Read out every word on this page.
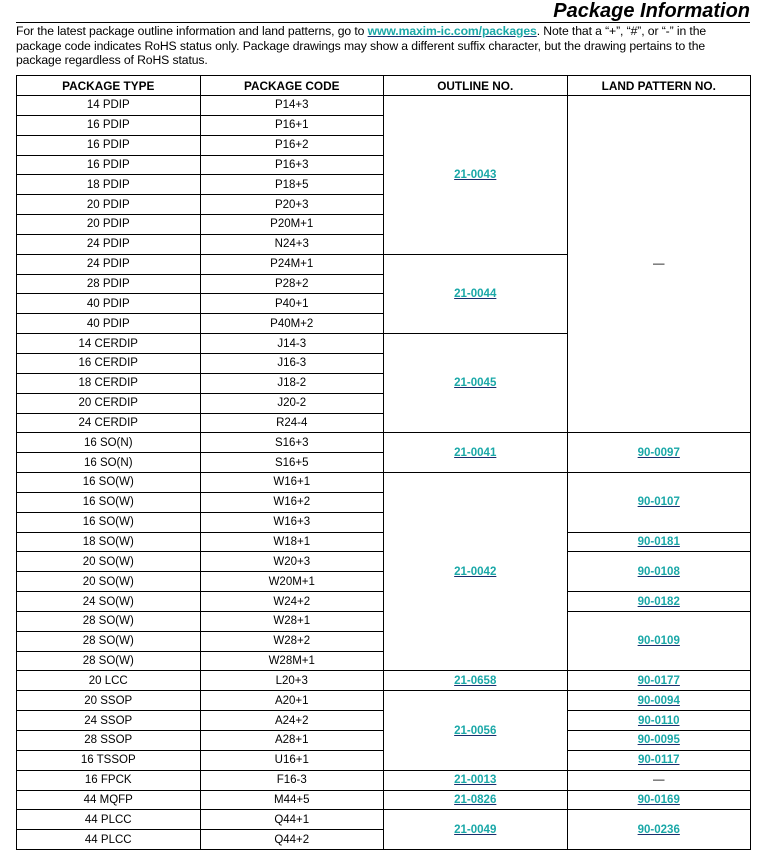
Package Information
For the latest package outline information and land patterns, go to www.maxim-ic.com/packages. Note that a “+”, “#”, or “-” in the package code indicates RoHS status only. Package drawings may show a different suffix character, but the drawing pertains to the package regardless of RoHS status.
PACKAGE TYPE	PACKAGE CODE	OUTLINE NO.	LAND PATTERN NO.
14 PDIP	P14+3	21-0043	—
16 PDIP	P16+1		
16 PDIP	P16+2		
16 PDIP	P16+3		
18 PDIP	P18+5		
20 PDIP	P20+3		
20 PDIP	P20M+1		
24 PDIP	N24+3		
24 PDIP	P24M+1	21-0044	
28 PDIP	P28+2		
40 PDIP	P40+1		
40 PDIP	P40M+2		
14 CERDIP	J14-3	21-0045	
16 CERDIP	J16-3		
18 CERDIP	J18-2		
20 CERDIP	J20-2		
24 CERDIP	R24-4		
16 SO(N)	S16+3	21-0041	90-0097
16 SO(N)	S16+5		
16 SO(W)	W16+1	21-0042	90-0107
16 SO(W)	W16+2		
16 SO(W)	W16+3		
18 SO(W)	W18+1		90-0181
20 SO(W)	W20+3		90-0108
20 SO(W)	W20M+1		
24 SO(W)	W24+2		90-0182
28 SO(W)	W28+1		90-0109
28 SO(W)	W28+2		
28 SO(W)	W28M+1		
20 LCC	L20+3	21-0658	90-0177
20 SSOP	A20+1	21-0056	90-0094
24 SSOP	A24+2		90-0110
28 SSOP	A28+1		90-0095
16 TSSOP	U16+1		90-0117
16 FPCK	F16-3	21-0013	—
44 MQFP	M44+5	21-0826	90-0169
44 PLCC	Q44+1	21-0049	90-0236
44 PLCC	Q44+2		
